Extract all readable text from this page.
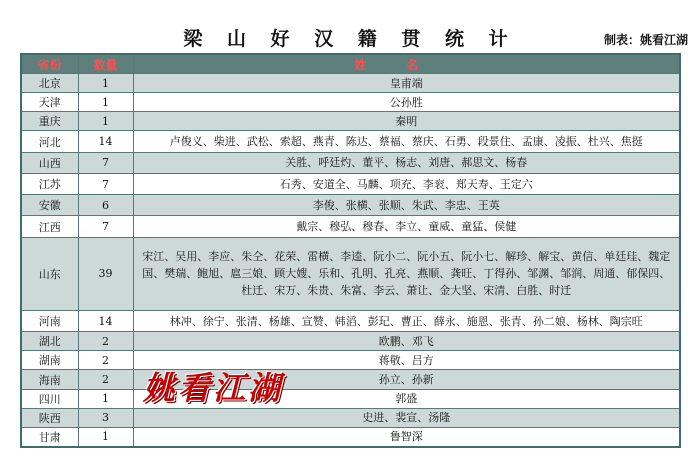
梁 山 好 汉 籍 贯 统 计	制表：姚看江湖
省份	数量	姓名
北京	1	皇甫端
天津	1	公孙胜
重庆	1	秦明
河北	14	卢俊义、柴进、武松、索超、燕青、陈达、蔡福、蔡庆、石勇、段景住、孟康、凌振、杜兴、焦挺
山西	7	关胜、呼廷灼、董平、杨志、刘唐、郝思文、杨春
江苏	7	石秀、安道全、马麟、项充、李衮、郑天寿、王定六
安徽	6	李俊、张横、张顺、朱武、李忠、王英
江西	7	戴宗、穆弘、穆春、李立、童威、童猛、侯健
山东	39	宋江、吴用、李应、朱仝、花荣、雷横、李逵、阮小二、阮小五、阮小七、解珍、解宝、黄信、单廷珪、魏定国、樊瑞、鲍旭、扈三娘、顾大嫂、乐和、孔明、孔亮、燕顺、龚旺、丁得孙、邹渊、邹润、周通、郁保四、杜迁、宋万、朱贵、朱富、李云、萧让、金大坚、宋清、白胜、时迁
河南	14	林冲、徐宁、张清、杨雄、宣赞、韩滔、彭玘、曹正、薛永、施恩、张青、孙二娘、杨林、陶宗旺
湖北	2	欧鹏、邓飞
湖南	2	蒋敬、吕方
海南	2	孙立、孙新
四川	1	郭盛
陕西	3	史进、裴宣、汤隆
甘肃	1	鲁智深
姚看江湖
